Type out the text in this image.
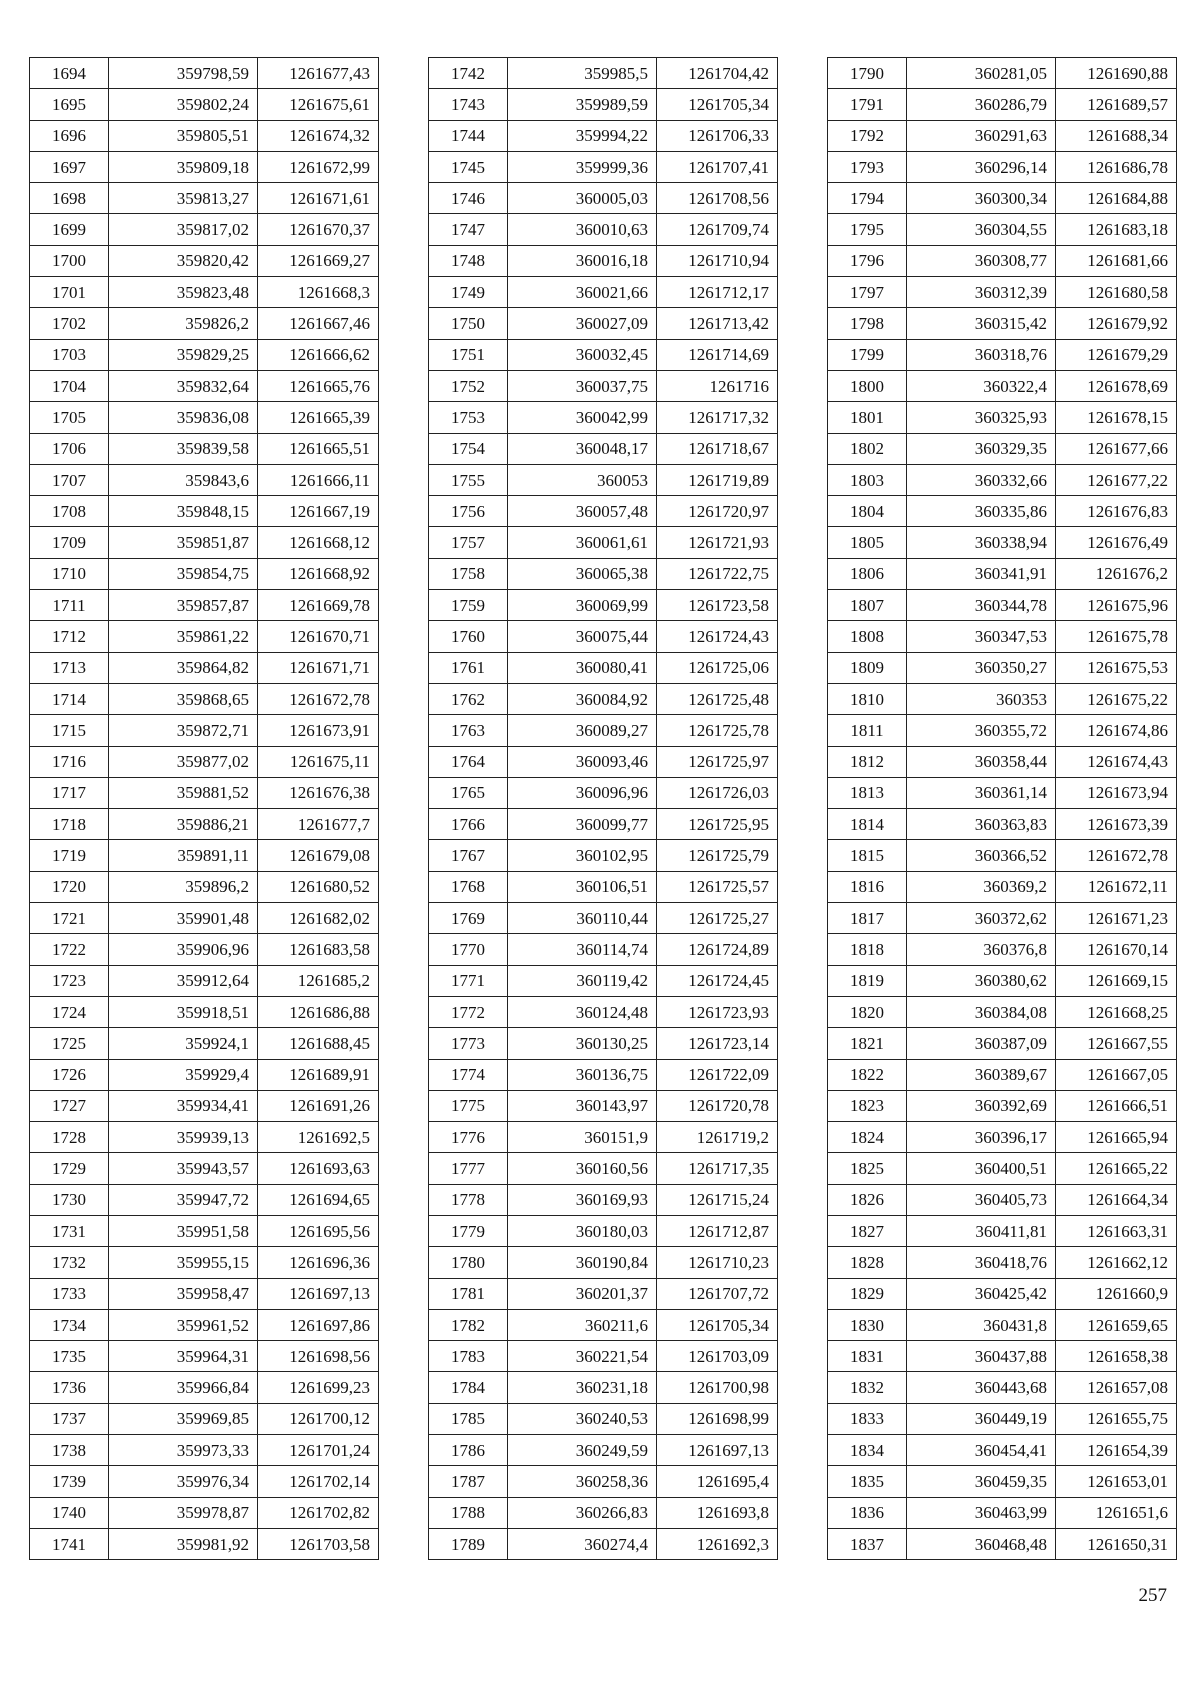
1694	359798,59	1261677,43
1695	359802,24	1261675,61
1696	359805,51	1261674,32
1697	359809,18	1261672,99
1698	359813,27	1261671,61
1699	359817,02	1261670,37
1700	359820,42	1261669,27
1701	359823,48	1261668,3
1702	359826,2	1261667,46
1703	359829,25	1261666,62
1704	359832,64	1261665,76
1705	359836,08	1261665,39
1706	359839,58	1261665,51
1707	359843,6	1261666,11
1708	359848,15	1261667,19
1709	359851,87	1261668,12
1710	359854,75	1261668,92
1711	359857,87	1261669,78
1712	359861,22	1261670,71
1713	359864,82	1261671,71
1714	359868,65	1261672,78
1715	359872,71	1261673,91
1716	359877,02	1261675,11
1717	359881,52	1261676,38
1718	359886,21	1261677,7
1719	359891,11	1261679,08
1720	359896,2	1261680,52
1721	359901,48	1261682,02
1722	359906,96	1261683,58
1723	359912,64	1261685,2
1724	359918,51	1261686,88
1725	359924,1	1261688,45
1726	359929,4	1261689,91
1727	359934,41	1261691,26
1728	359939,13	1261692,5
1729	359943,57	1261693,63
1730	359947,72	1261694,65
1731	359951,58	1261695,56
1732	359955,15	1261696,36
1733	359958,47	1261697,13
1734	359961,52	1261697,86
1735	359964,31	1261698,56
1736	359966,84	1261699,23
1737	359969,85	1261700,12
1738	359973,33	1261701,24
1739	359976,34	1261702,14
1740	359978,87	1261702,82
1741	359981,92	1261703,58
1742	359985,5	1261704,42
1743	359989,59	1261705,34
1744	359994,22	1261706,33
1745	359999,36	1261707,41
1746	360005,03	1261708,56
1747	360010,63	1261709,74
1748	360016,18	1261710,94
1749	360021,66	1261712,17
1750	360027,09	1261713,42
1751	360032,45	1261714,69
1752	360037,75	1261716
1753	360042,99	1261717,32
1754	360048,17	1261718,67
1755	360053	1261719,89
1756	360057,48	1261720,97
1757	360061,61	1261721,93
1758	360065,38	1261722,75
1759	360069,99	1261723,58
1760	360075,44	1261724,43
1761	360080,41	1261725,06
1762	360084,92	1261725,48
1763	360089,27	1261725,78
1764	360093,46	1261725,97
1765	360096,96	1261726,03
1766	360099,77	1261725,95
1767	360102,95	1261725,79
1768	360106,51	1261725,57
1769	360110,44	1261725,27
1770	360114,74	1261724,89
1771	360119,42	1261724,45
1772	360124,48	1261723,93
1773	360130,25	1261723,14
1774	360136,75	1261722,09
1775	360143,97	1261720,78
1776	360151,9	1261719,2
1777	360160,56	1261717,35
1778	360169,93	1261715,24
1779	360180,03	1261712,87
1780	360190,84	1261710,23
1781	360201,37	1261707,72
1782	360211,6	1261705,34
1783	360221,54	1261703,09
1784	360231,18	1261700,98
1785	360240,53	1261698,99
1786	360249,59	1261697,13
1787	360258,36	1261695,4
1788	360266,83	1261693,8
1789	360274,4	1261692,3
1790	360281,05	1261690,88
1791	360286,79	1261689,57
1792	360291,63	1261688,34
1793	360296,14	1261686,78
1794	360300,34	1261684,88
1795	360304,55	1261683,18
1796	360308,77	1261681,66
1797	360312,39	1261680,58
1798	360315,42	1261679,92
1799	360318,76	1261679,29
1800	360322,4	1261678,69
1801	360325,93	1261678,15
1802	360329,35	1261677,66
1803	360332,66	1261677,22
1804	360335,86	1261676,83
1805	360338,94	1261676,49
1806	360341,91	1261676,2
1807	360344,78	1261675,96
1808	360347,53	1261675,78
1809	360350,27	1261675,53
1810	360353	1261675,22
1811	360355,72	1261674,86
1812	360358,44	1261674,43
1813	360361,14	1261673,94
1814	360363,83	1261673,39
1815	360366,52	1261672,78
1816	360369,2	1261672,11
1817	360372,62	1261671,23
1818	360376,8	1261670,14
1819	360380,62	1261669,15
1820	360384,08	1261668,25
1821	360387,09	1261667,55
1822	360389,67	1261667,05
1823	360392,69	1261666,51
1824	360396,17	1261665,94
1825	360400,51	1261665,22
1826	360405,73	1261664,34
1827	360411,81	1261663,31
1828	360418,76	1261662,12
1829	360425,42	1261660,9
1830	360431,8	1261659,65
1831	360437,88	1261658,38
1832	360443,68	1261657,08
1833	360449,19	1261655,75
1834	360454,41	1261654,39
1835	360459,35	1261653,01
1836	360463,99	1261651,6
1837	360468,48	1261650,31
257
